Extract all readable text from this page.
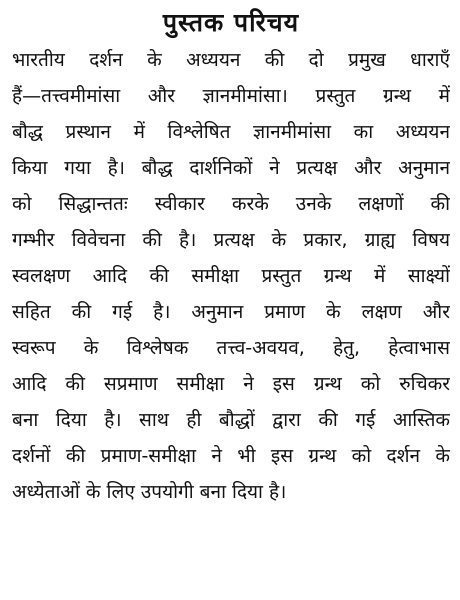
पुस्तक परिचय
भारतीय दर्शन के अध्ययन की दो प्रमुख धाराएँ
हैं—तत्त्वमीमांसा और ज्ञानमीमांसा। प्रस्तुत ग्रन्थ में
बौद्ध प्रस्थान में विश्लेषित ज्ञानमीमांसा का अध्ययन
किया गया है। बौद्ध दार्शनिकों ने प्रत्यक्ष और अनुमान
को सिद्धान्ततः स्वीकार करके उनके लक्षणों की
गम्भीर विवेचना की है। प्रत्यक्ष के प्रकार, ग्राह्य विषय
स्वलक्षण आदि की समीक्षा प्रस्तुत ग्रन्थ में साक्ष्यों
सहित की गई है। अनुमान प्रमाण के लक्षण और
स्वरूप के विश्लेषक तत्त्व-अवयव, हेतु, हेत्वाभास
आदि की सप्रमाण समीक्षा ने इस ग्रन्थ को रुचिकर
बना दिया है। साथ ही बौद्धों द्वारा की गई आस्तिक
दर्शनों की प्रमाण-समीक्षा ने भी इस ग्रन्थ को दर्शन के
अध्येताओं के लिए उपयोगी बना दिया है।
